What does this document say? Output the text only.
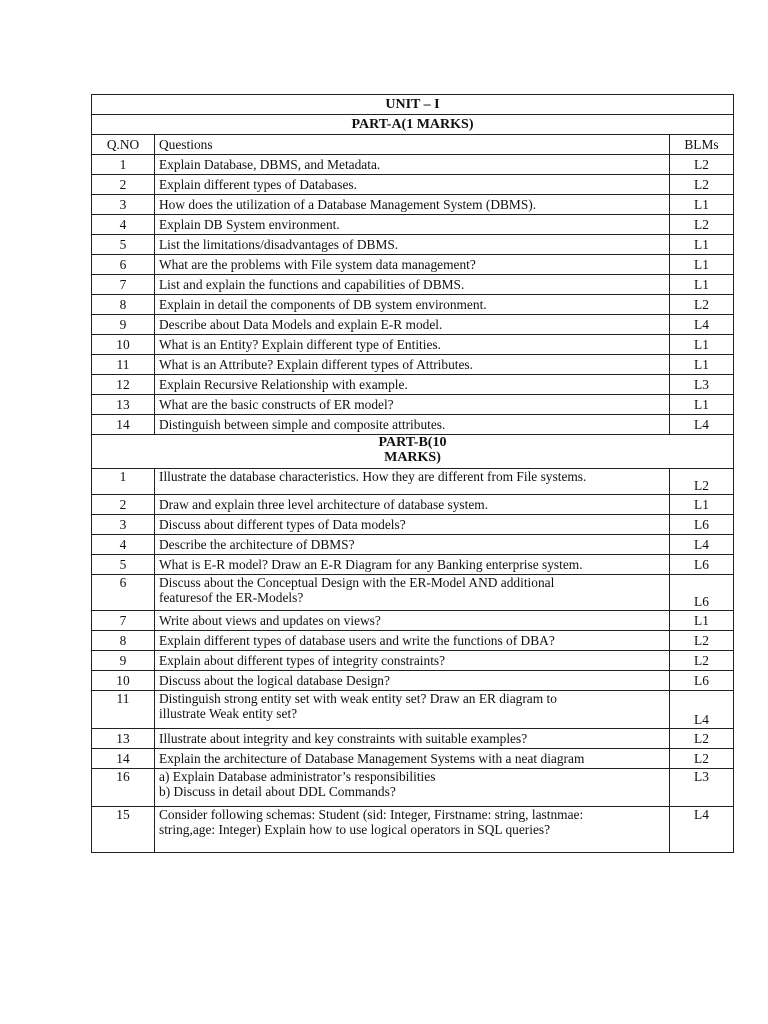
UNIT – I		
PART-A(1 MARKS)		
Q.NO	Questions	BLMs
1	Explain Database, DBMS, and Metadata.	L2
2	Explain different types of Databases.	L2
3	How does the utilization of a Database Management System (DBMS).	L1
4	Explain DB System environment.	L2
5	List the limitations/disadvantages of DBMS.	L1
6	What are the problems with File system data management?	L1
7	List and explain the functions and capabilities of DBMS.	L1
8	Explain in detail the components of DB system environment.	L2
9	Describe about Data Models and explain E-R model.	L4
10	What is an Entity? Explain different type of Entities.	L1
11	What is an Attribute? Explain different types of Attributes.	L1
12	Explain Recursive Relationship with example.	L3
13	What are the basic constructs of ER model?	L1
14	Distinguish between simple and composite attributes.	L4

PART-B(10
MARKS)		

1	Illustrate the database characteristics. How they are different from File systems.	L2
2	Draw and explain three level architecture of database system.	L1
3	Discuss about different types of Data models?	L6
4	Describe the architecture of DBMS?	L4
5	What is E-R model? Draw an E-R Diagram for any Banking enterprise system.	L6
6	Discuss about the Conceptual Design with the ER-Model AND additional
featuresof the ER-Models?	L6
7	Write about views and updates on views?	L1
8	Explain different types of database users and write the functions of DBA?	L2
9	Explain about different types of integrity constraints?	L2
10	Discuss about the logical database Design?	L6
11	Distinguish strong entity set with weak entity set? Draw an ER diagram to
illustrate Weak entity set?	L4
13	Illustrate about integrity and key constraints with suitable examples?	L2
14	Explain the architecture of Database Management Systems with a neat diagram	L2
16	a) Explain Database administrator’s responsibilities
b) Discuss in detail about DDL Commands?	L3
15	Consider following schemas: Student (sid: Integer, Firstname: string, lastnmae:
string,age: Integer) Explain how to use logical operators in SQL queries?	L4
